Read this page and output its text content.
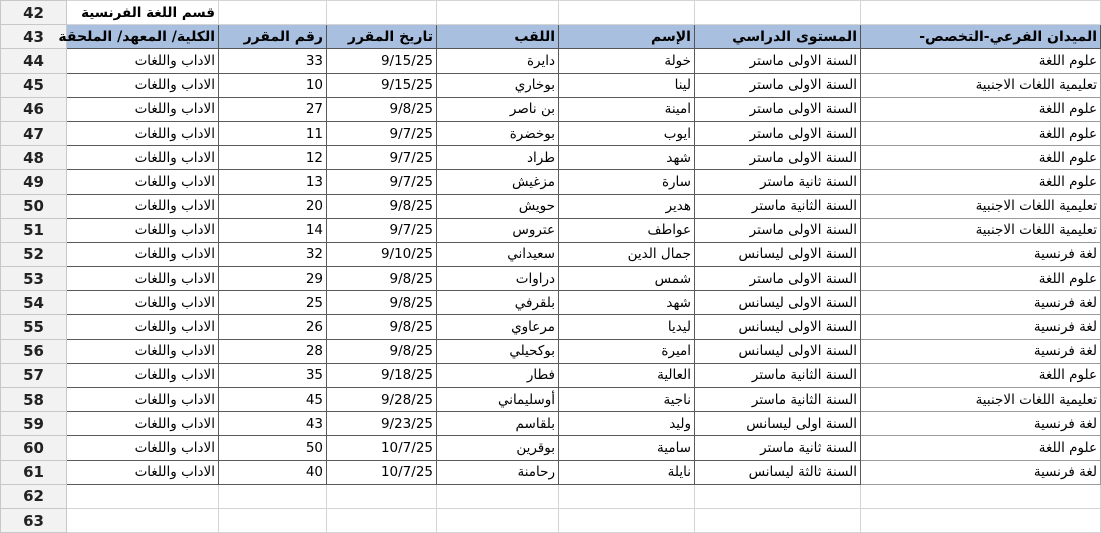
42	قسم اللغة الفرنسية						
43	الكلية/ المعهد/ الملحقة	رقم المقرر	تاريخ المقرر	اللقب	الإسم	المستوى الدراسي	الميدان الفرعي-التخصص-
44	الاداب واللغات	33	9/15/25	دايرة	خولة	السنة الاولى ماستر	علوم اللغة
45	الاداب واللغات	10	9/15/25	بوخاري	لينا	السنة الاولى ماستر	تعليمية اللغات الاجنبية
46	الاداب واللغات	27	9/8/25	بن ناصر	امينة	السنة الاولى ماستر	علوم اللغة
47	الاداب واللغات	11	9/7/25	بوخضرة	ايوب	السنة الاولى ماستر	علوم اللغة
48	الاداب واللغات	12	9/7/25	طراد	شهد	السنة الاولى ماستر	علوم اللغة
49	الاداب واللغات	13	9/7/25	مزغيش	سارة	السنة ثانية ماستر	علوم اللغة
50	الاداب واللغات	20	9/8/25	حويش	هدير	السنة الثانية ماستر	تعليمية اللغات الاجنبية
51	الاداب واللغات	14	9/7/25	عتروس	عواطف	السنة الاولى ماستر	تعليمية اللغات الاجنبية
52	الاداب واللغات	32	9/10/25	سعيداني	جمال الدين	السنة الاولى ليسانس	لغة فرنسية
53	الاداب واللغات	29	9/8/25	دراوات	شمس	السنة الاولى ماستر	علوم اللغة
54	الاداب واللغات	25	9/8/25	بلقرفي	شهد	السنة الاولى ليسانس	لغة فرنسية
55	الاداب واللغات	26	9/8/25	مرعاوي	ليديا	السنة الاولى ليسانس	لغة فرنسية
56	الاداب واللغات	28	9/8/25	بوكحيلي	اميرة	السنة الاولى ليسانس	لغة فرنسية
57	الاداب واللغات	35	9/18/25	فطار	العالية	السنة الثانية ماستر	علوم اللغة
58	الاداب واللغات	45	9/28/25	أوسليماني	ناجية	السنة الثانية ماستر	تعليمية اللغات الاجنبية
59	الاداب واللغات	43	9/23/25	بلقاسم	وليد	السنة اولى ليسانس	لغة فرنسية
60	الاداب واللغات	50	10/7/25	بوقرين	سامية	السنة ثانية ماستر	علوم اللغة
61	الاداب واللغات	40	10/7/25	رحامنة	نايلة	السنة ثالثة ليسانس	لغة فرنسية
62							
63							
